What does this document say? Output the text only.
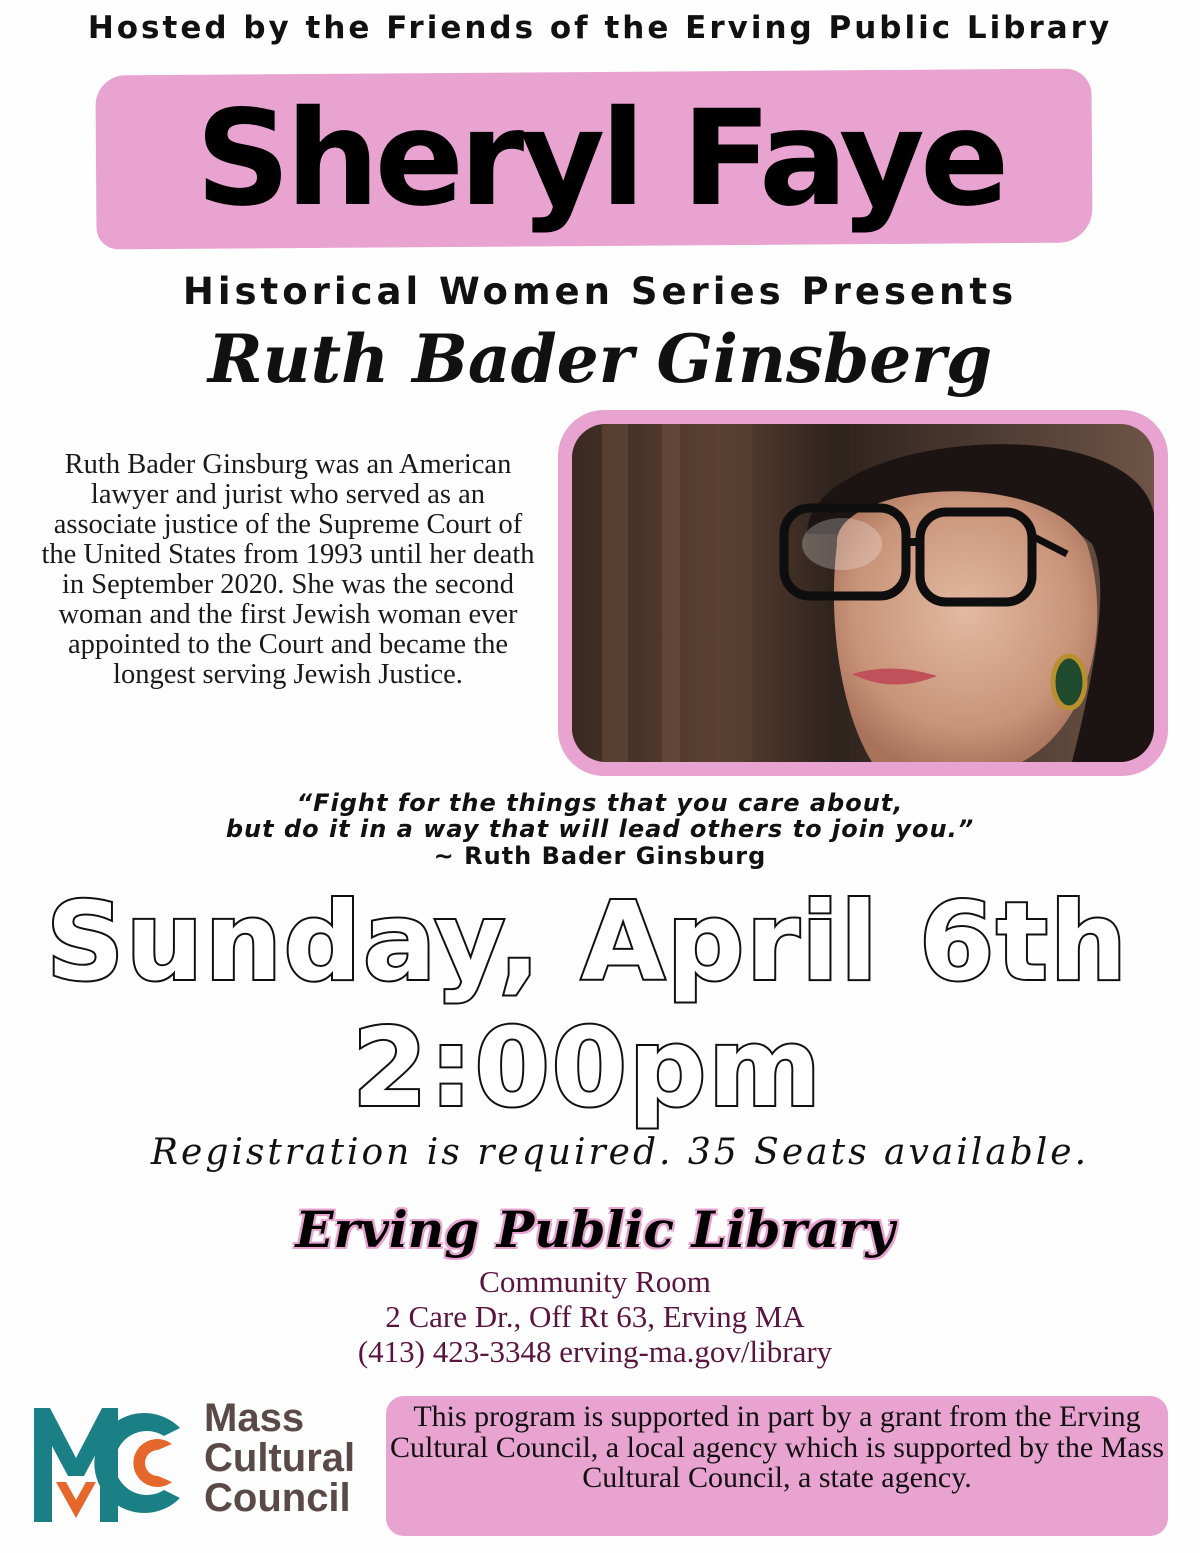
Hosted by the Friends of the Erving Public Library
Sheryl Faye
Historical Women Series Presents
Ruth Bader Ginsberg
Ruth Bader Ginsburg was an American lawyer and jurist who served as an associate justice of the Supreme Court of the United States from 1993 until her death in September 2020. She was the second woman and the first Jewish woman ever appointed to the Court and became the longest serving Jewish Justice.
“Fight for the things that you care about,
but do it in a way that will lead others to join you.”
~ Ruth Bader Ginsburg
Sunday, April 6th
2:00pm
Registration is required. 35 Seats available.
Erving Public Library
Community Room
2 Care Dr., Off Rt 63, Erving MA
(413) 423-3348 erving-ma.gov/library
Mass
Cultural
Council
This program is supported in part by a grant from the Erving Cultural Council, a local agency which is supported by the Mass Cultural Council, a state agency.
